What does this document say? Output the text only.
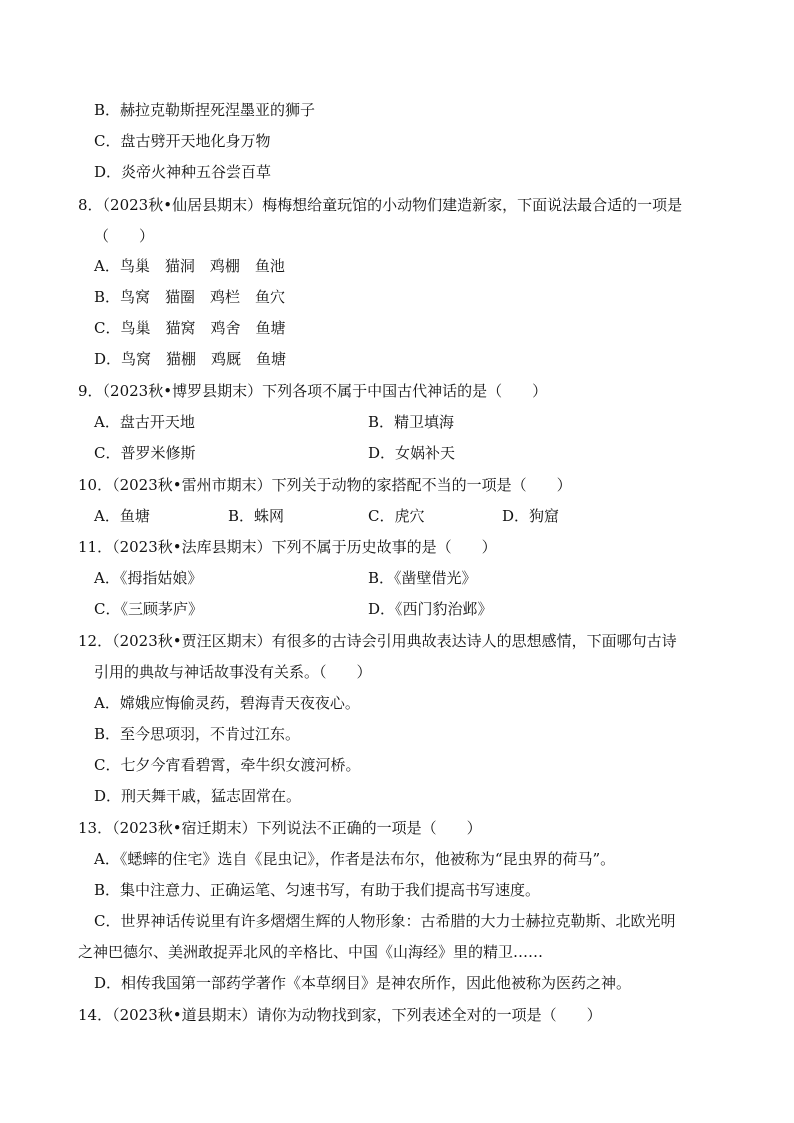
B．赫拉克勒斯捏死涅墨亚的狮子
C．盘古劈开天地化身万物
D．炎帝火神种五谷尝百草
8．（2023秋•仙居县期末）梅梅想给童玩馆的小动物们建造新家，下面说法最合适的一项是
（　　）
A．鸟巢　猫洞　鸡棚　鱼池
B．鸟窝　猫圈　鸡栏　鱼穴
C．鸟巢　猫窝　鸡舍　鱼塘
D．鸟窝　猫棚　鸡厩　鱼塘
9．（2023秋•博罗县期末）下列各项不属于中国古代神话的是（　　）
A．盘古开天地	B．精卫填海
C．普罗米修斯	D．女娲补天
10．（2023秋•雷州市期末）下列关于动物的家搭配不当的一项是（　　）
A．鱼塘	B．蛛网	C．虎穴	D．狗窟
11．（2023秋•法库县期末）下列不属于历史故事的是（　　）
A．《拇指姑娘》	B．《凿壁借光》
C．《三顾茅庐》	D．《西门豹治邺》
12．（2023秋•贾汪区期末）有很多的古诗会引用典故表达诗人的思想感情，下面哪句古诗
引用的典故与神话故事没有关系。（　　）
A．嫦娥应悔偷灵药，碧海青天夜夜心。
B．至今思项羽，不肯过江东。
C．七夕今宵看碧霄，牵牛织女渡河桥。
D．刑天舞干戚，猛志固常在。
13．（2023秋•宿迁期末）下列说法不正确的一项是（　　）
A．《蟋蟀的住宅》选自《昆虫记》，作者是法布尔，他被称为“昆虫界的荷马”。
B．集中注意力、正确运笔、匀速书写，有助于我们提高书写速度。
C．世界神话传说里有许多熠熠生辉的人物形象：古希腊的大力士赫拉克勒斯、北欧光明
之神巴德尔、美洲敢捉弄北风的辛格比、中国《山海经》里的精卫……
D．相传我国第一部药学著作《本草纲目》是神农所作，因此他被称为医药之神。
14．（2023秋•道县期末）请你为动物找到家，下列表述全对的一项是（　　）
